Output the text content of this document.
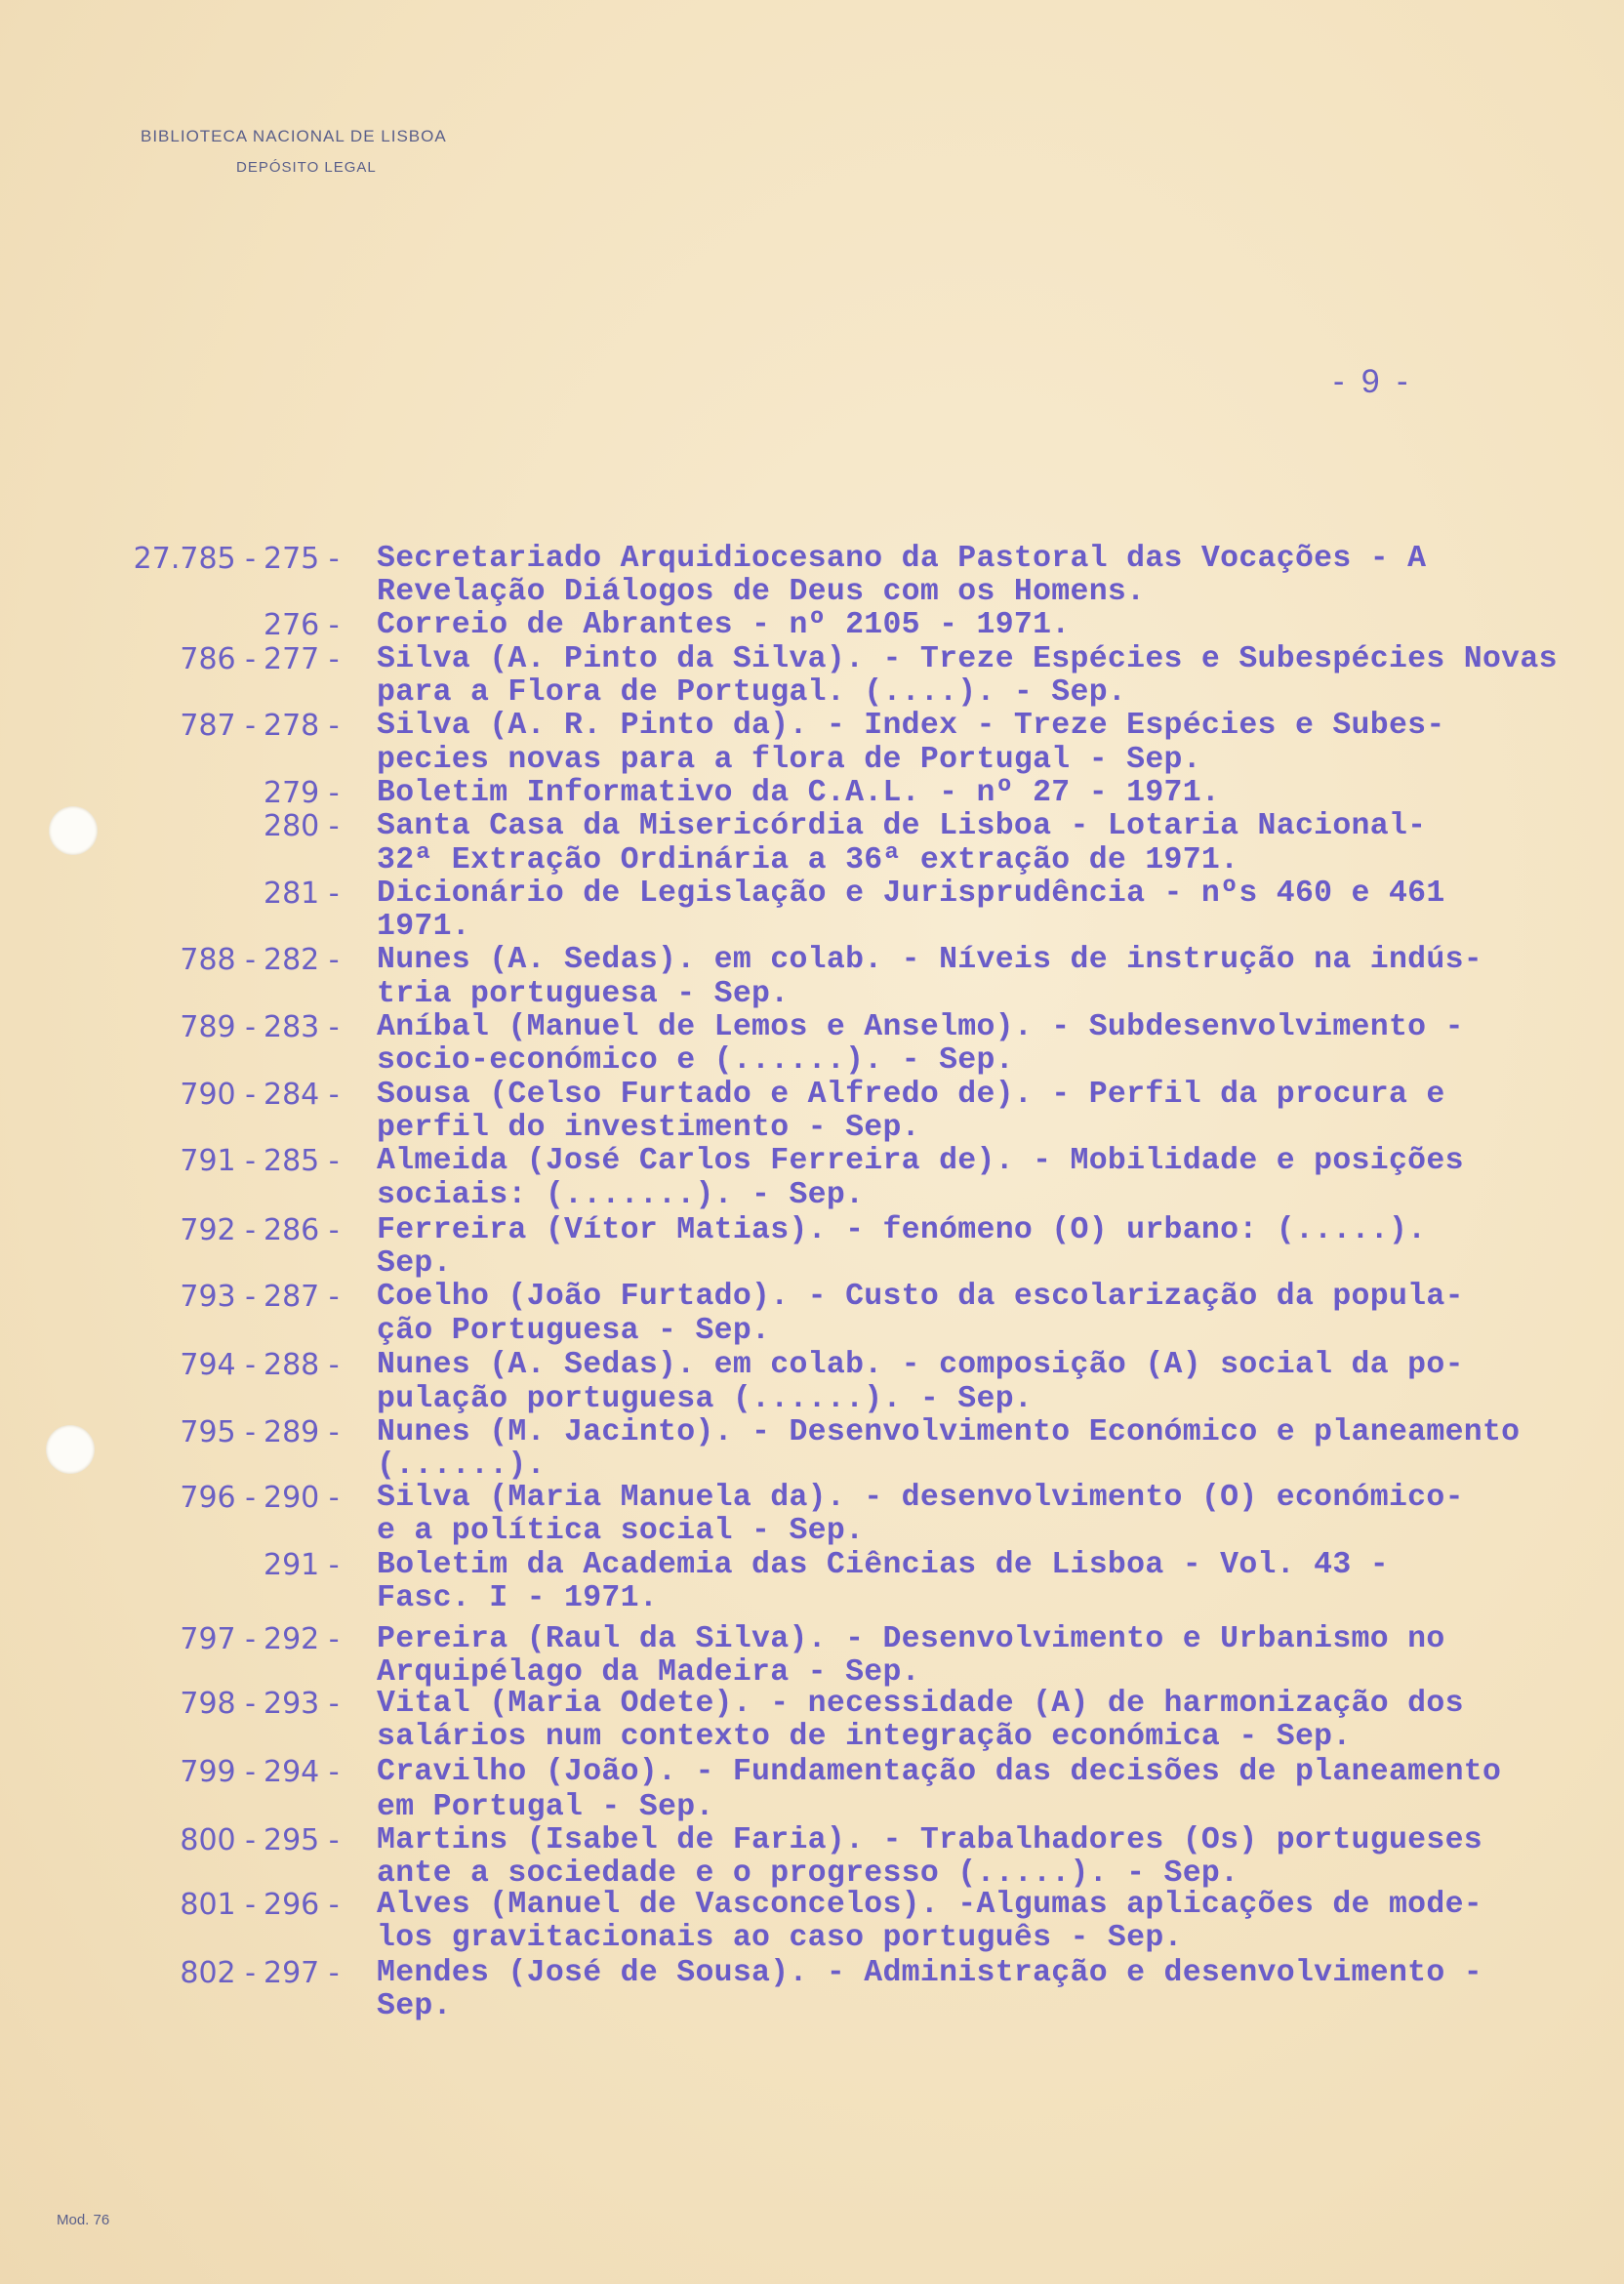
BIBLIOTECA NACIONAL DE LISBOA
DEPÓSITO LEGAL
- 9 -
27.785 - 275 - Secretariado Arquidiocesano da Pastoral das Vocações - A
Revelação Diálogos de Deus com os Homens.
276 - Correio de Abrantes - nº 2105 - 1971.
786 - 277 - Silva (A. Pinto da Silva). - Treze Espécies e Subespécies Novas
para a Flora de Portugal. (....). - Sep.
787 - 278 - Silva (A. R. Pinto da). - Index - Treze Espécies e Subes-
pecies novas para a flora de Portugal - Sep.
279 - Boletim Informativo da C.A.L. - nº 27 - 1971.
280 - Santa Casa da Misericórdia de Lisboa - Lotaria Nacional-
32ª Extração Ordinária a 36ª extração de 1971.
281 - Dicionário de Legislação e Jurisprudência - nºs 460 e 461
1971.
788 - 282 - Nunes (A. Sedas). em colab. - Níveis de instrução na indús-
tria portuguesa - Sep.
789 - 283 - Aníbal (Manuel de Lemos e Anselmo). - Subdesenvolvimento -
socio-económico e (......). - Sep.
790 - 284 - Sousa (Celso Furtado e Alfredo de). - Perfil da procura e
perfil do investimento - Sep.
791 - 285 - Almeida (José Carlos Ferreira de). - Mobilidade e posições
sociais: (.......). - Sep.
792 - 286 - Ferreira (Vítor Matias). - fenómeno (O) urbano: (.....).
Sep.
793 - 287 - Coelho (João Furtado). - Custo da escolarização da popula-
ção Portuguesa - Sep.
794 - 288 - Nunes (A. Sedas). em colab. - composição (A) social da po-
pulação portuguesa (......). - Sep.
795 - 289 - Nunes (M. Jacinto). - Desenvolvimento Económico e planeamento
(......).
796 - 290 - Silva (Maria Manuela da). - desenvolvimento (O) económico-
e a política social - Sep.
291 - Boletim da Academia das Ciências de Lisboa - Vol. 43 -
Fasc. I - 1971.
797 - 292 - Pereira (Raul da Silva). - Desenvolvimento e Urbanismo no
Arquipélago da Madeira - Sep.
798 - 293 - Vital (Maria Odete). - necessidade (A) de harmonização dos
salários num contexto de integração económica - Sep.
799 - 294 - Cravilho (João). - Fundamentação das decisões de planeamento
em Portugal - Sep.
800 - 295 - Martins (Isabel de Faria). - Trabalhadores (Os) portugueses
ante a sociedade e o progresso (.....). - Sep.
801 - 296 - Alves (Manuel de Vasconcelos). -Algumas aplicações de mode-
los gravitacionais ao caso português - Sep.
802 - 297 - Mendes (José de Sousa). - Administração e desenvolvimento -
Sep.
Mod. 76
